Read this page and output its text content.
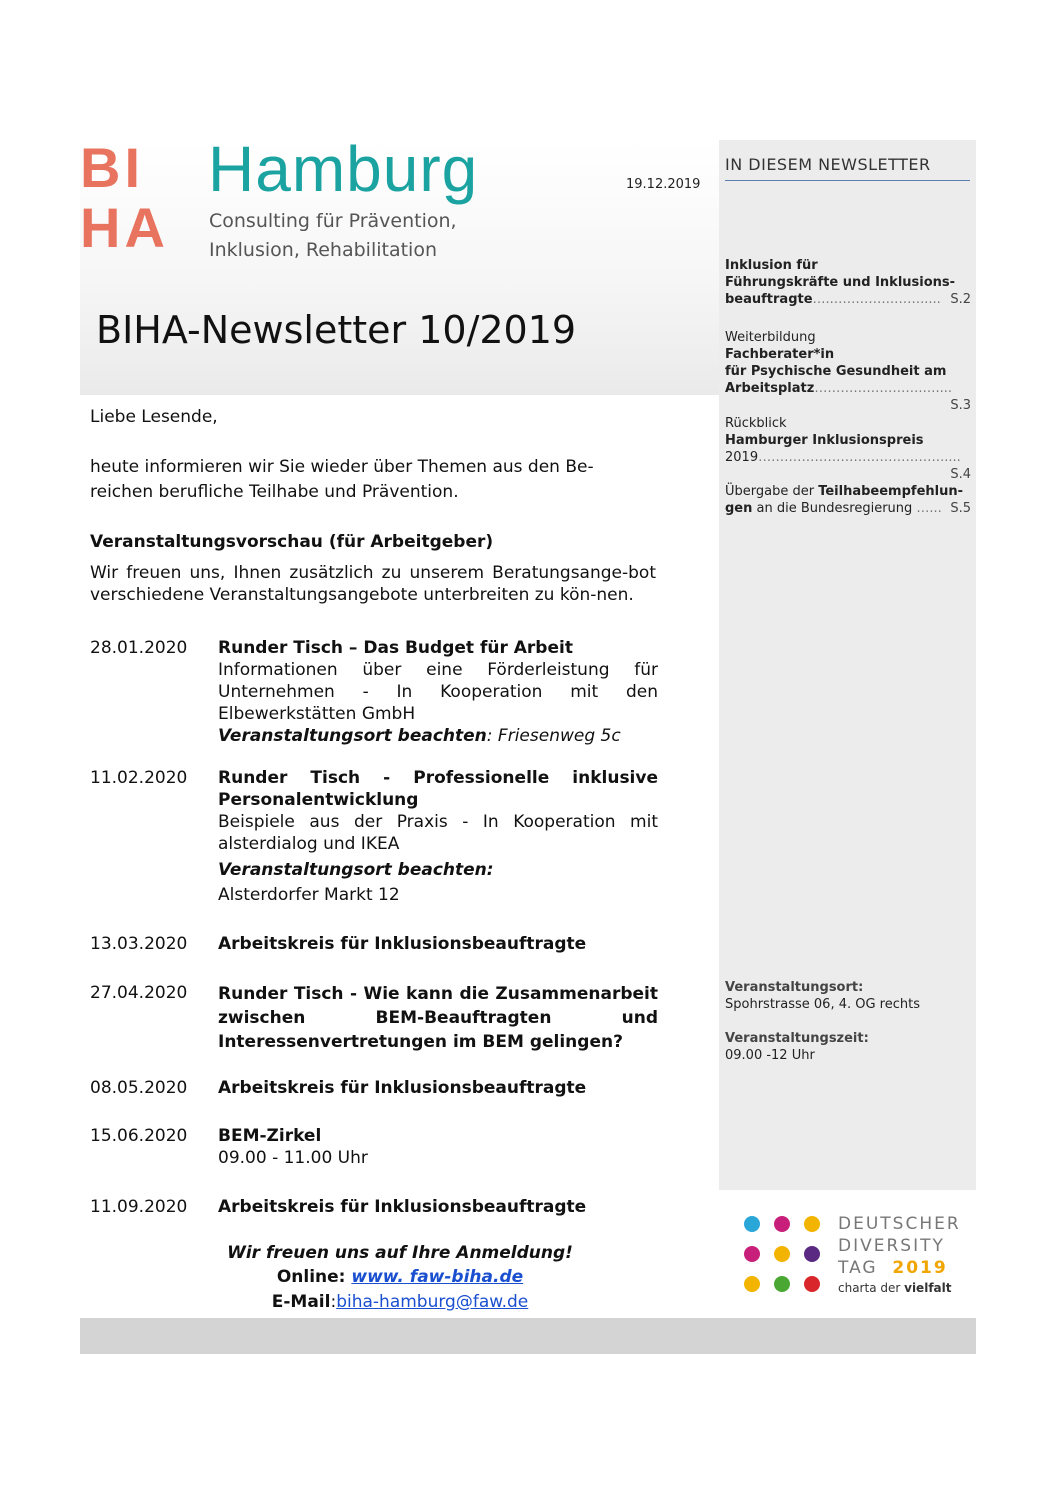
BI
HA
Hamburg
Consulting für Prävention,
Inklusion, Rehabilitation
19.12.2019
BIHA-Newsletter 10/2019
IN DIESEM NEWSLETTER
Inklusion für
Führungskräfte und Inklusions-
beauftragte…..…….…….……..... S.2
Weiterbildung
Fachberater*in
für Psychische Gesundheit am
Arbeitsplatz…………………….…....
S.3
Rückblick
Hamburger Inklusionspreis
2019…………………………………….....
S.4
Übergabe der Teilhabeempfehlun-
gen an die Bundesregierung …... S.5
Veranstaltungsort:
Spohrstrasse 06, 4. OG rechts
Veranstaltungszeit:
09.00 -12 Uhr
Liebe Lesende,
heute informieren wir Sie wieder über Themen aus den Be-
reichen berufliche Teilhabe und Prävention.
Veranstaltungsvorschau (für Arbeitgeber)
Wir freuen uns, Ihnen zusätzlich zu unserem Beratungsange-bot verschiedene Veranstaltungsangebote unterbreiten zu kön-nen.
28.01.2020 Runder Tisch – Das Budget für Arbeit
Informationen über eine Förderleistung für Unternehmen - In Kooperation mit den Elbewerkstätten GmbH
Veranstaltungsort beachten: Friesenweg 5c
11.02.2020 Runder Tisch - Professionelle inklusive Personalentwicklung
Beispiele aus der Praxis - In Kooperation mit alsterdialog und IKEA
Veranstaltungsort beachten:
Alsterdorfer Markt 12
13.03.2020 Arbeitskreis für Inklusionsbeauftragte
27.04.2020 Runder Tisch - Wie kann die Zusammenarbeit zwischen BEM-Beauftragten und Interessenvertretungen im BEM gelingen?
08.05.2020 Arbeitskreis für Inklusionsbeauftragte
15.06.2020 BEM-Zirkel
09.00 - 11.00 Uhr
11.09.2020 Arbeitskreis für Inklusionsbeauftragte
Wir freuen uns auf Ihre Anmeldung!
Online: www. faw-biha.de
E-Mail:biha-hamburg@faw.de
DEUTSCHER
DIVERSITY
TAG 2019
charta der vielfalt
